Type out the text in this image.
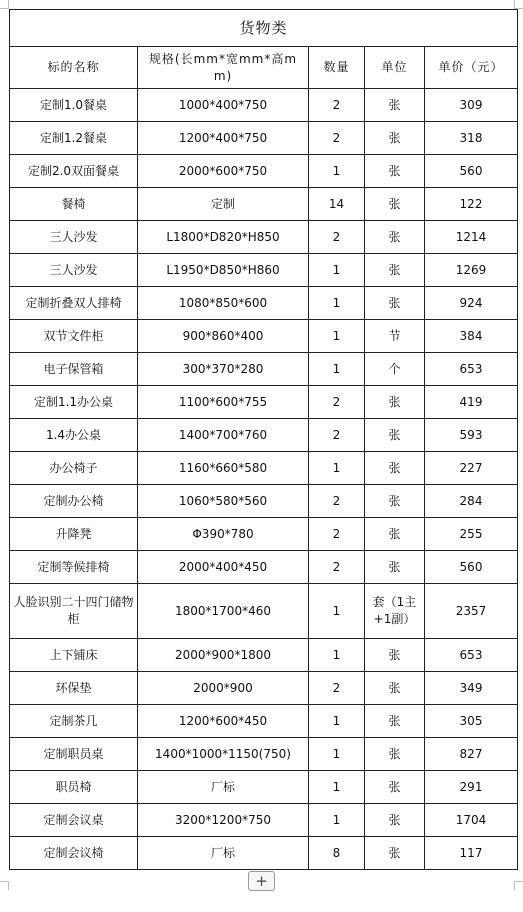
货物类				
标的名称	规格(长mm*宽mm*高mm)	数量	单位	单价（元）
定制1.0餐桌	1000*400*750	2	张	309
定制1.2餐桌	1200*400*750	2	张	318
定制2.0双面餐桌	2000*600*750	1	张	560
餐椅	定制	14	张	122
三人沙发	L1800*D820*H850	2	张	1214
三人沙发	L1950*D850*H860	1	张	1269
定制折叠双人排椅	1080*850*600	1	张	924
双节文件柜	900*860*400	1	节	384
电子保管箱	300*370*280	1	个	653
定制1.1办公桌	1100*600*755	2	张	419
1.4办公桌	1400*700*760	2	张	593
办公椅子	1160*660*580	1	张	227
定制办公椅	1060*580*560	2	张	284
升降凳	Φ390*780	2	张	255
定制等候排椅	2000*400*450	2	张	560
人脸识别二十四门储物柜	1800*1700*460	1	套（1主+1副）	2357
上下铺床	2000*900*1800	1	张	653
环保垫	2000*900	2	张	349
定制茶几	1200*600*450	1	张	305
定制职员桌	1400*1000*1150(750)	1	张	827
职员椅	厂标	1	张	291
定制会议桌	3200*1200*750	1	张	1704
定制会议椅	厂标	8	张	117
+
